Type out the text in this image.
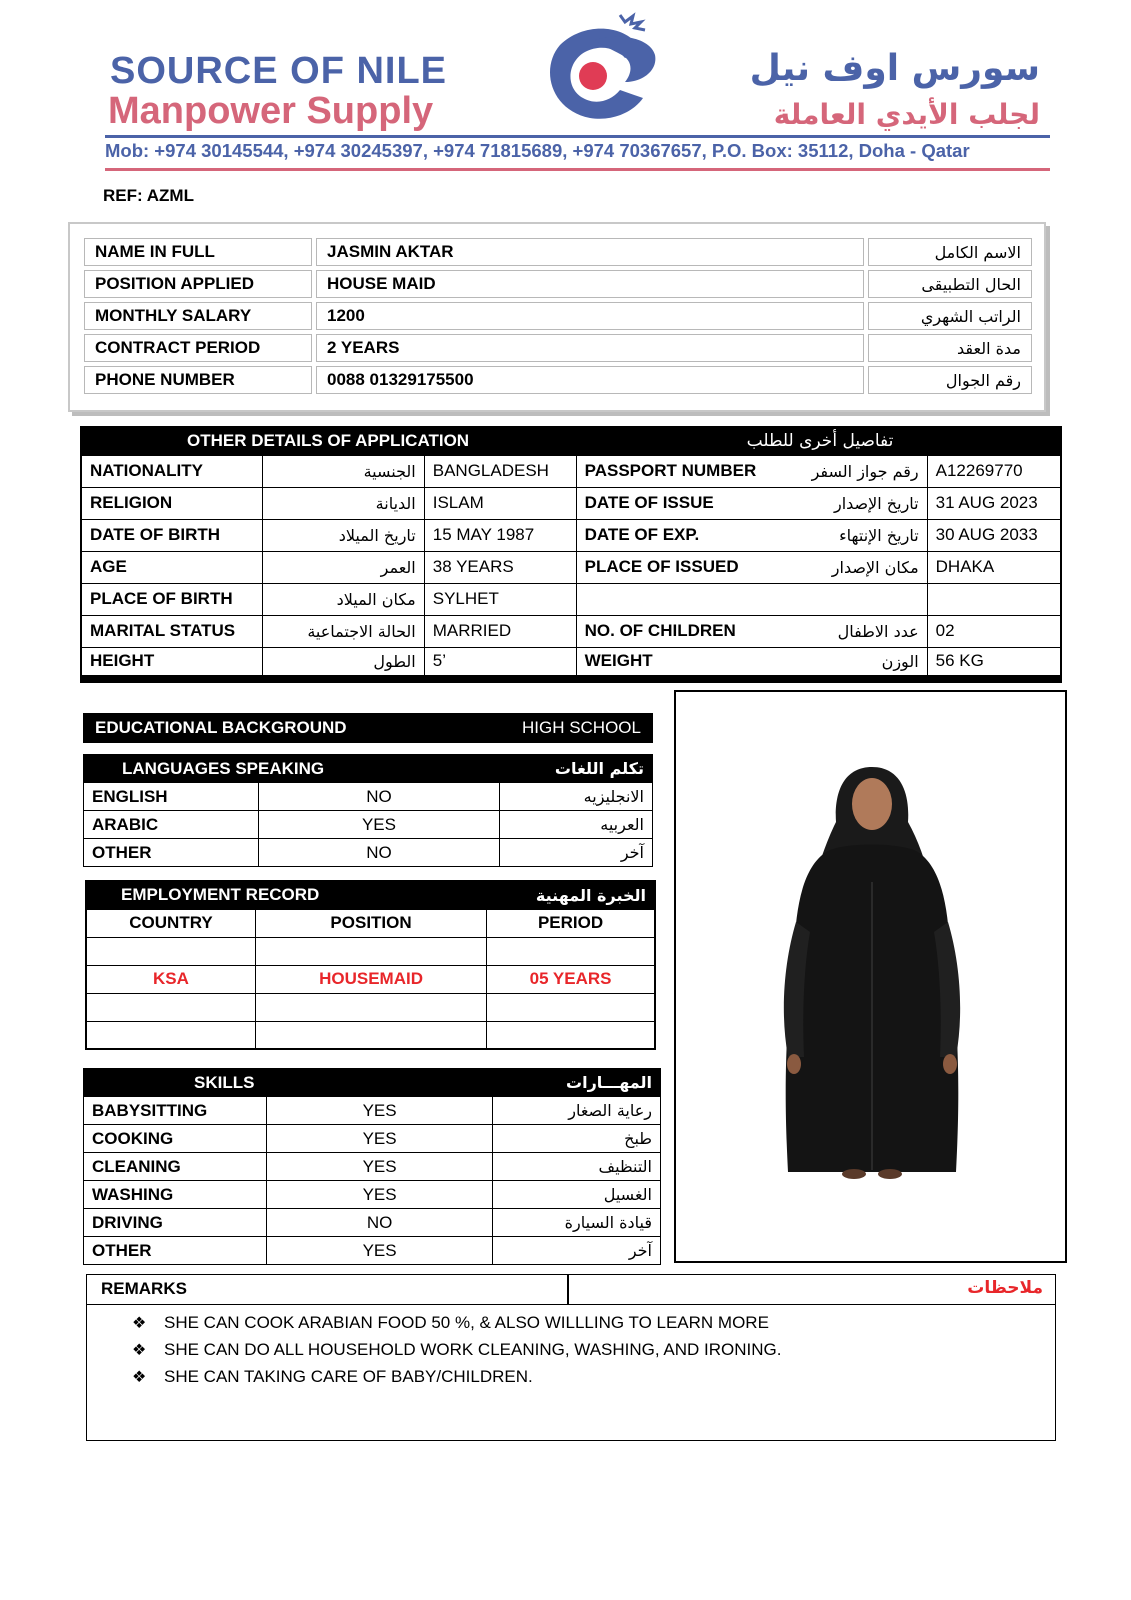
SOURCE OF NILE
Manpower Supply
سورس اوف نيل
لجلب الأيدي العاملة
Mob: +974 30145544, +974 30245397, +974 71815689, +974 70367657, P.O. Box: 35112, Doha - Qatar
REF: AZML
NAME IN FULL	JASMIN AKTAR	الاسم الكامل
POSITION APPLIED	HOUSE MAID	الحال التطبيقى
MONTHLY SALARY	1200	الراتب الشهري
CONTRACT PERIOD	2 YEARS	مدة العقد
PHONE NUMBER	0088 01329175500	رقم الجوال
OTHER DETAILS OF APPLICATION			تفاصيل أخرى للطلب		
NATIONALITY	الجنسية	BANGLADESH	PASSPORT NUMBER	رقم جواز السفر	A12269770
RELIGION	الديانة	ISLAM	DATE OF ISSUE	تاريخ الإصدار	31 AUG 2023
DATE OF BIRTH	تاريخ الميلاد	15 MAY 1987	DATE OF EXP.	تاريخ الإنتهاء	30 AUG 2033
AGE	العمر	38 YEARS	PLACE OF ISSUED	مكان الإصدار	DHAKA
PLACE OF BIRTH	مكان الميلاد	SYLHET			
MARITAL STATUS	الحالة الاجتماعية	MARRIED	NO. OF CHILDREN	عدد الاطفال	02
HEIGHT	الطول	5’	WEIGHT	الوزن	56 KG
EDUCATIONAL BACKGROUND	HIGH SCHOOL
LANGUAGES SPEAKING		تكلم اللغات
ENGLISH	NO	الانجليزيه
ARABIC	YES	العربيه
OTHER	NO	آخر
EMPLOYMENT RECORD		الخبرة المهنية
COUNTRY	POSITION	PERIOD

KSA	HOUSEMAID	05 YEARS

SKILLS		المهـــارات
BABYSITTING	YES	رعاية الصغار
COOKING	YES	طبخ
CLEANING	YES	التنظيف
WASHING	YES	الغسيل
DRIVING	NO	قيادة السيارة
OTHER	YES	آخر
REMARKS	ملاحظات
❖ SHE CAN COOK ARABIAN FOOD 50 %, & ALSO WILLLING TO LEARN MORE
❖ SHE CAN DO ALL HOUSEHOLD WORK CLEANING, WASHING, AND IRONING.
❖ SHE CAN TAKING CARE OF BABY/CHILDREN.
